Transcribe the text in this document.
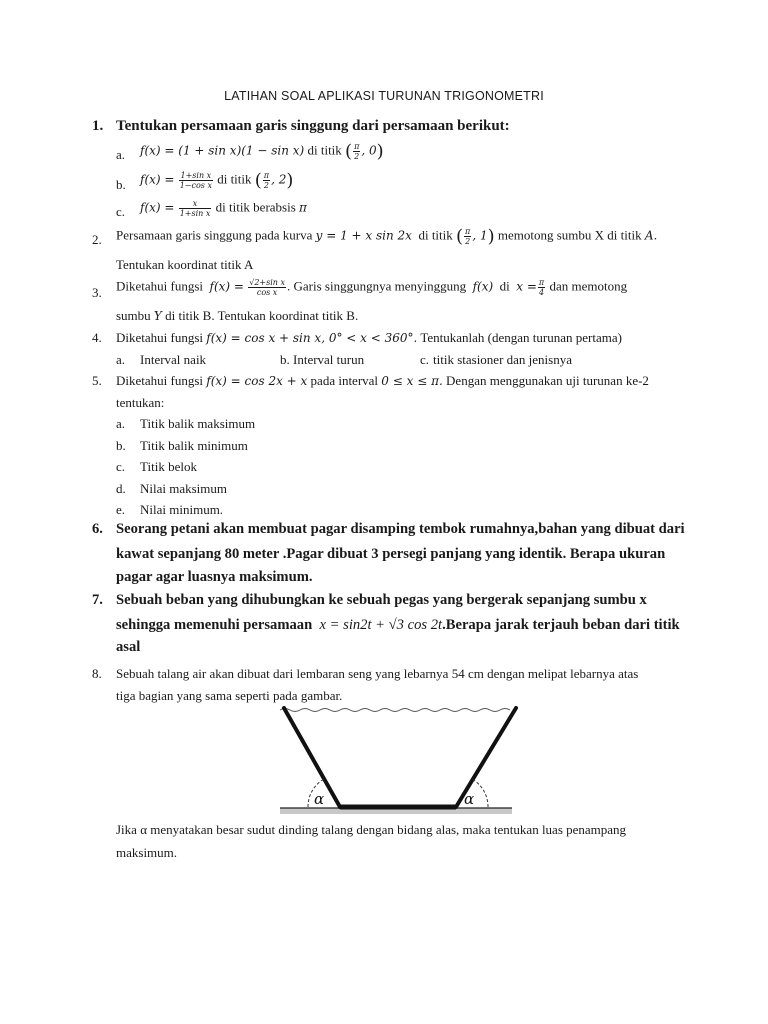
LATIHAN SOAL APLIKASI TURUNAN TRIGONOMETRI
1. Tentukan persamaan garis singgung dari persamaan berikut:
a. f(x) = (1 + sin x)(1 − sin x) di titik ( $\frac{\pi}{2}$ , 0)
b. $f(x) = \frac{\text{1+sin x}}{\text{1−cos x}}$ di titik ( $\frac{\pi}{2}$ , 2)
c. $f(x) = \frac{x}{\text{1+sin x}}$ di titik berabsis π
2. Persamaan garis singgung pada kurva y = 1 + x sin 2x di titik ( $\frac{\pi}{2}$ , 1) memotong sumbu X di titik A.
Tentukan koordinat titik A
3. Diketahui fungsi $f(x) = \frac{\text{√2+sin x}}{\text{cos x}}$ . Garis singgungnya menyinggung f(x) di $x = \frac{\pi}{4}$ dan memotong
sumbu Y di titik B. Tentukan koordinat titik B.
4. Diketahui fungsi f(x) = cos x + sin x, 0° < x < 360°. Tentukanlah (dengan turunan pertama)
a. Interval naik	b. Interval turun	c. titik stasioner dan jenisnya
5. Diketahui fungsi f(x) = cos 2x + x pada interval 0 ≤ x ≤ π. Dengan menggunakan uji turunan ke-2
tentukan:
a. Titik balik maksimum
b. Titik balik minimum
c. Titik belok
d. Nilai maksimum
e. Nilai minimum.
6. Seorang petani akan membuat pagar disamping tembok rumahnya,bahan yang dibuat dari
kawat sepanjang 80 meter .Pagar dibuat 3 persegi panjang yang identik. Berapa ukuran
pagar agar luasnya maksimum.
7. Sebuah beban yang dihubungkan ke sebuah pegas yang bergerak sepanjang sumbu x
sehingga memenuhi persamaan x = sin2t + √3 cos 2t.Berapa jarak terjauh beban dari titik
asal
8. Sebuah talang air akan dibuat dari lembaran seng yang lebarnya 54 cm dengan melipat lebarnya atas
tiga bagian yang sama seperti pada gambar.
α	α
Jika α menyatakan besar sudut dinding talang dengan bidang alas, maka tentukan luas penampang
maksimum.
